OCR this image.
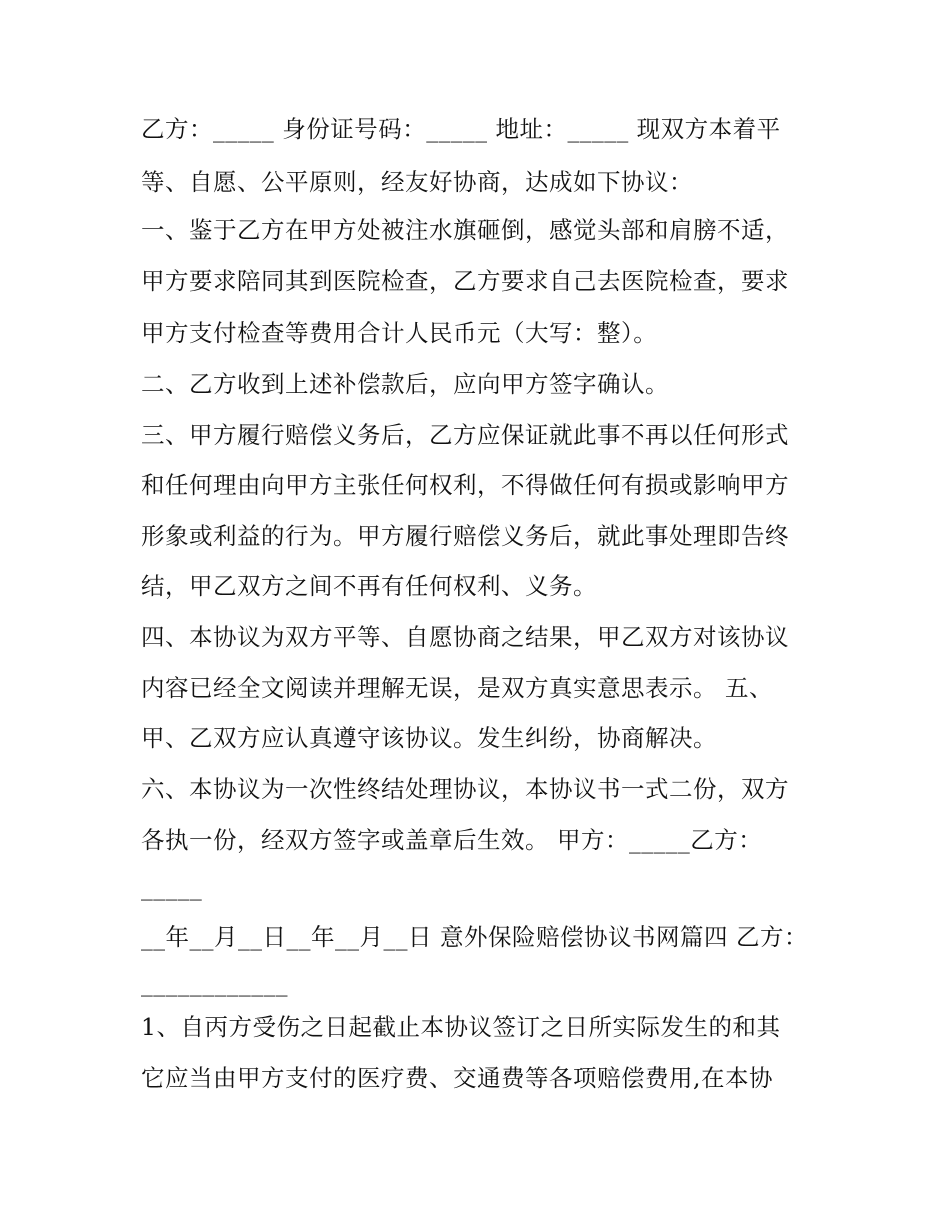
乙方：_____ 身份证号码：_____ 地址：_____ 现双方本着平
等、自愿、公平原则，经友好协商，达成如下协议：
一、鉴于乙方在甲方处被注水旗砸倒，感觉头部和肩膀不适，
甲方要求陪同其到医院检查，乙方要求自己去医院检查，要求
甲方支付检查等费用合计人民币元（大写：整）。
二、乙方收到上述补偿款后，应向甲方签字确认。
三、甲方履行赔偿义务后，乙方应保证就此事不再以任何形式
和任何理由向甲方主张任何权利，不得做任何有损或影响甲方
形象或利益的行为。甲方履行赔偿义务后，就此事处理即告终
结，甲乙双方之间不再有任何权利、义务。
四、本协议为双方平等、自愿协商之结果，甲乙双方对该协议
内容已经全文阅读并理解无误，是双方真实意思表示。 五、
甲、乙双方应认真遵守该协议。发生纠纷，协商解决。
六、本协议为一次性终结处理协议，本协议书一式二份，双方
各执一份，经双方签字或盖章后生效。 甲方：_____乙方：
_____
__年__月__日__年__月__日 意外保险赔偿协议书网篇四 乙方：
____________
1、自丙方受伤之日起截止本协议签订之日所实际发生的和其
它应当由甲方支付的医疗费、交通费等各项赔偿费用,在本协
